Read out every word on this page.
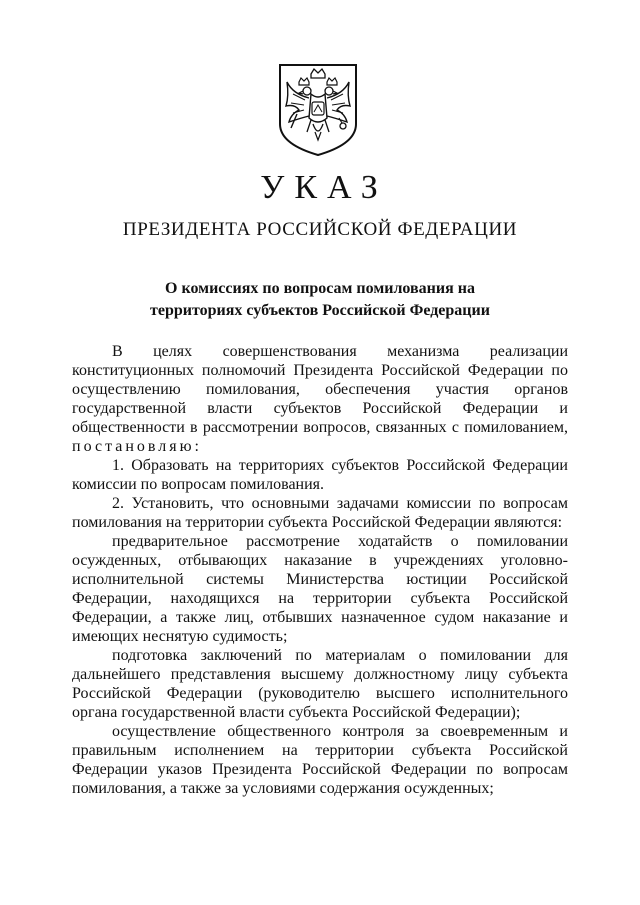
УКАЗ
ПРЕЗИДЕНТА РОССИЙСКОЙ ФЕДЕРАЦИИ
О комиссиях по вопросам помилования на
территориях субъектов Российской Федерации

В целях совершенствования механизма реализации конституционных полномочий Президента Российской Федерации по осуществлению помилования, обеспечения участия органов государственной власти субъектов Российской Федерации и общественности в рассмотрении вопросов, связанных с помилованием, постановляю:

1. Образовать на территориях субъектов Российской Федерации комиссии по вопросам помилования.

2. Установить, что основными задачами комиссии по вопросам помилования на территории субъекта Российской Федерации являются:

предварительное рассмотрение ходатайств о помиловании осужденных, отбывающих наказание в учреждениях уголовно-исполнительной системы Министерства юстиции Российской Федерации, находящихся на территории субъекта Российской Федерации, а также лиц, отбывших назначенное судом наказание и имеющих неснятую судимость;

подготовка заключений по материалам о помиловании для дальнейшего представления высшему должностному лицу субъекта Российской Федерации (руководителю высшего исполнительного органа государственной власти субъекта Российской Федерации);

осуществление общественного контроля за своевременным и правильным исполнением на территории субъекта Российской Федерации указов Президента Российской Федерации по вопросам помилования, а также за условиями содержания осужденных;
